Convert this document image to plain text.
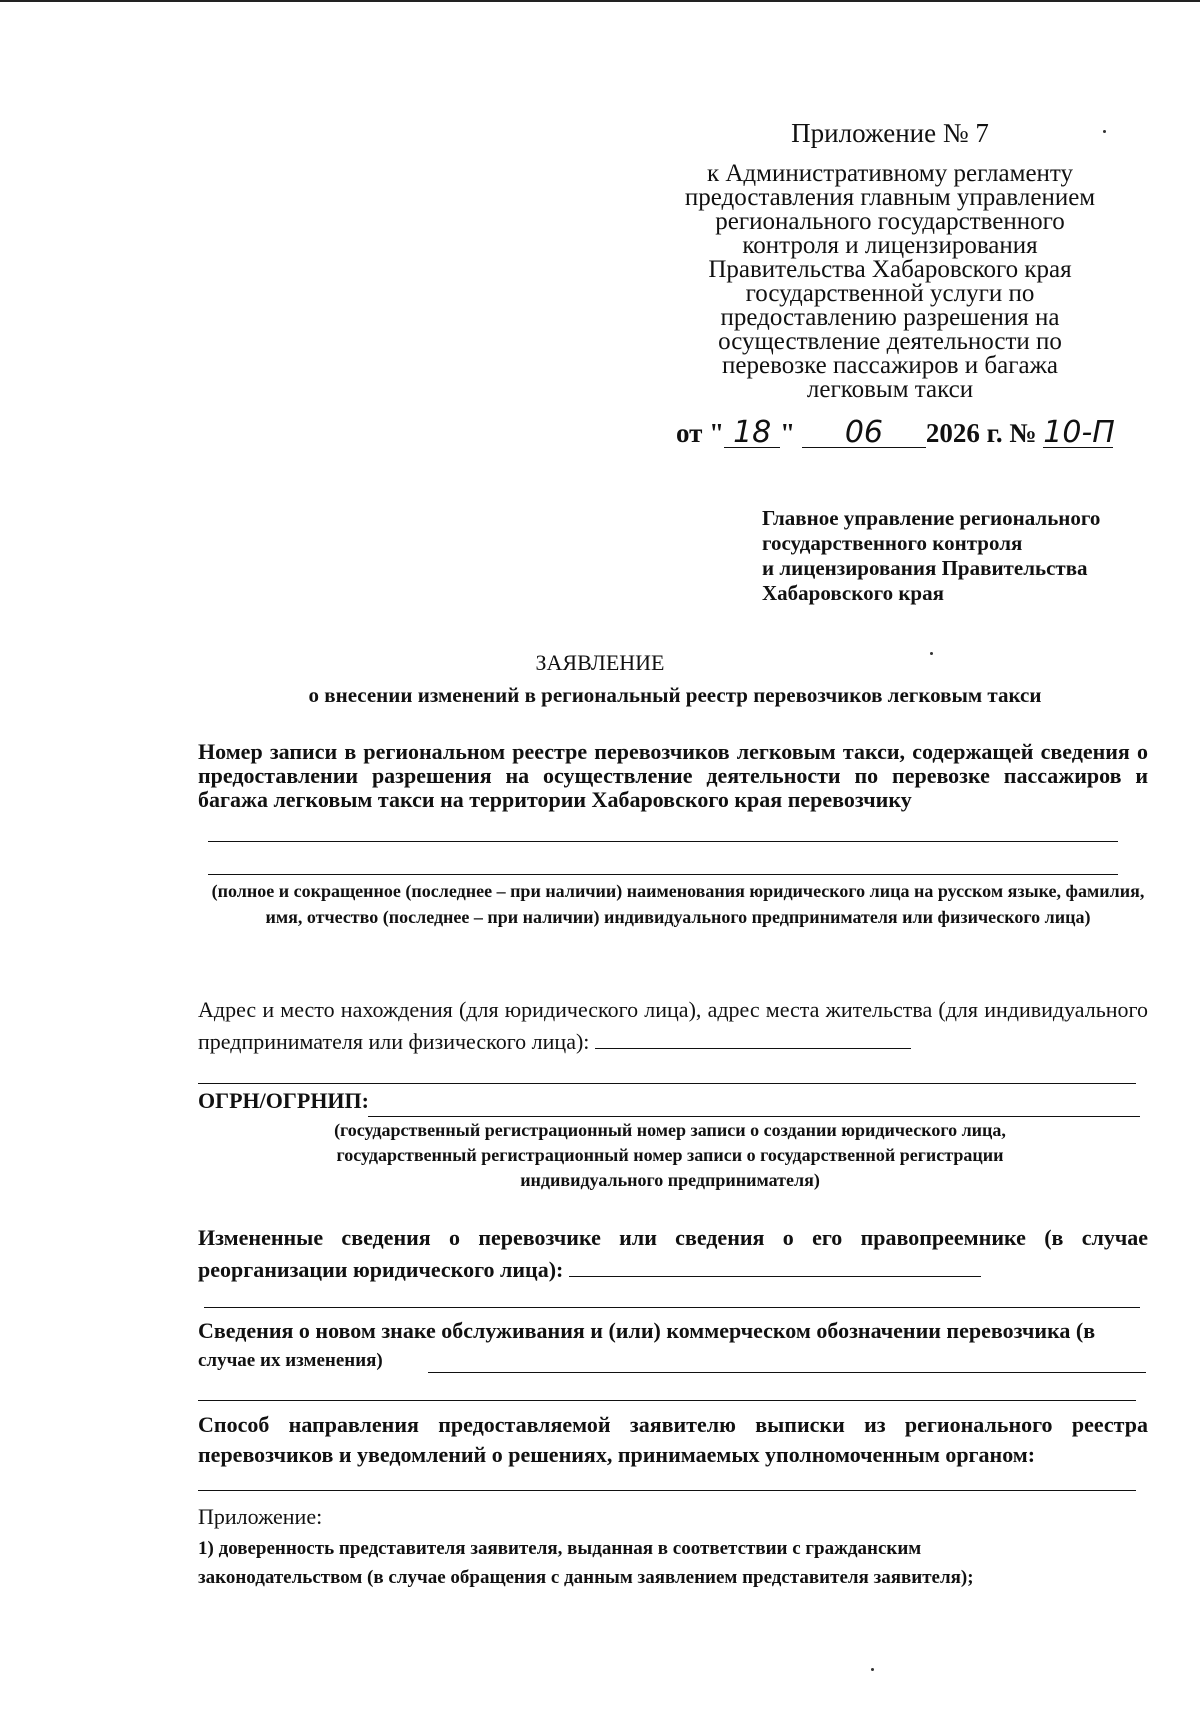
Приложение № 7
к Административному регламенту
предоставления главным управлением
регионального государственного
контроля и лицензирования
Правительства Хабаровского края
государственной услуги по
предоставлению разрешения на
осуществление деятельности по
перевозке пассажиров и багажа
легковым такси
от " 18 " 06 2026 г. № 10-П
Главное управление регионального
государственного контроля
и лицензирования Правительства
Хабаровского края
ЗАЯВЛЕНИЕ
о внесении изменений в региональный реестр перевозчиков легковым такси
Номер записи в региональном реестре перевозчиков легковым такси, содержащей сведения о предоставлении разрешения на осуществление деятельности по перевозке пассажиров и багажа легковым такси на территории Хабаровского края перевозчику
(полное и сокращенное (последнее – при наличии) наименования юридического лица на русском языке, фамилия, имя, отчество (последнее – при наличии) индивидуального предпринимателя или физического лица)
Адрес и место нахождения (для юридического лица), адрес места жительства (для индивидуального предпринимателя или физического лица):
ОГРН/ОГРНИП:
(государственный регистрационный номер записи о создании юридического лица, государственный регистрационный номер записи о государственной регистрации индивидуального предпринимателя)
Измененные сведения о перевозчике или сведения о его правопреемнике (в случае реорганизации юридического лица):
Сведения о новом знаке обслуживания и (или) коммерческом обозначении перевозчика (в
случае их изменения)
Способ направления предоставляемой заявителю выписки из регионального реестра перевозчиков и уведомлений о решениях, принимаемых уполномоченным органом:
Приложение:
1) доверенность представителя заявителя, выданная в соответствии с гражданским
законодательством (в случае обращения с данным заявлением представителя заявителя);
